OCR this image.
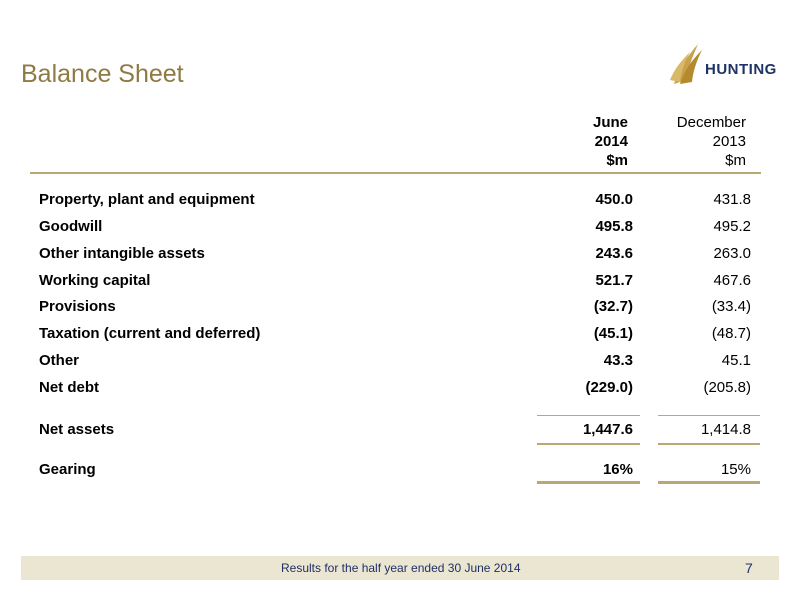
Balance Sheet	HUNTING
June
2014
$m
December
2013
$m
Property, plant and equipment	450.0	431.8
Goodwill	495.8	495.2
Other intangible assets	243.6	263.0
Working capital	521.7	467.6
Provisions	(32.7)	(33.4)
Taxation (current and deferred)	(45.1)	(48.7)
Other	43.3	45.1
Net debt	(229.0)	(205.8)
Net assets	1,447.6	1,414.8
Gearing	16%	15%
Results for the half year ended 30 June 2014	7
